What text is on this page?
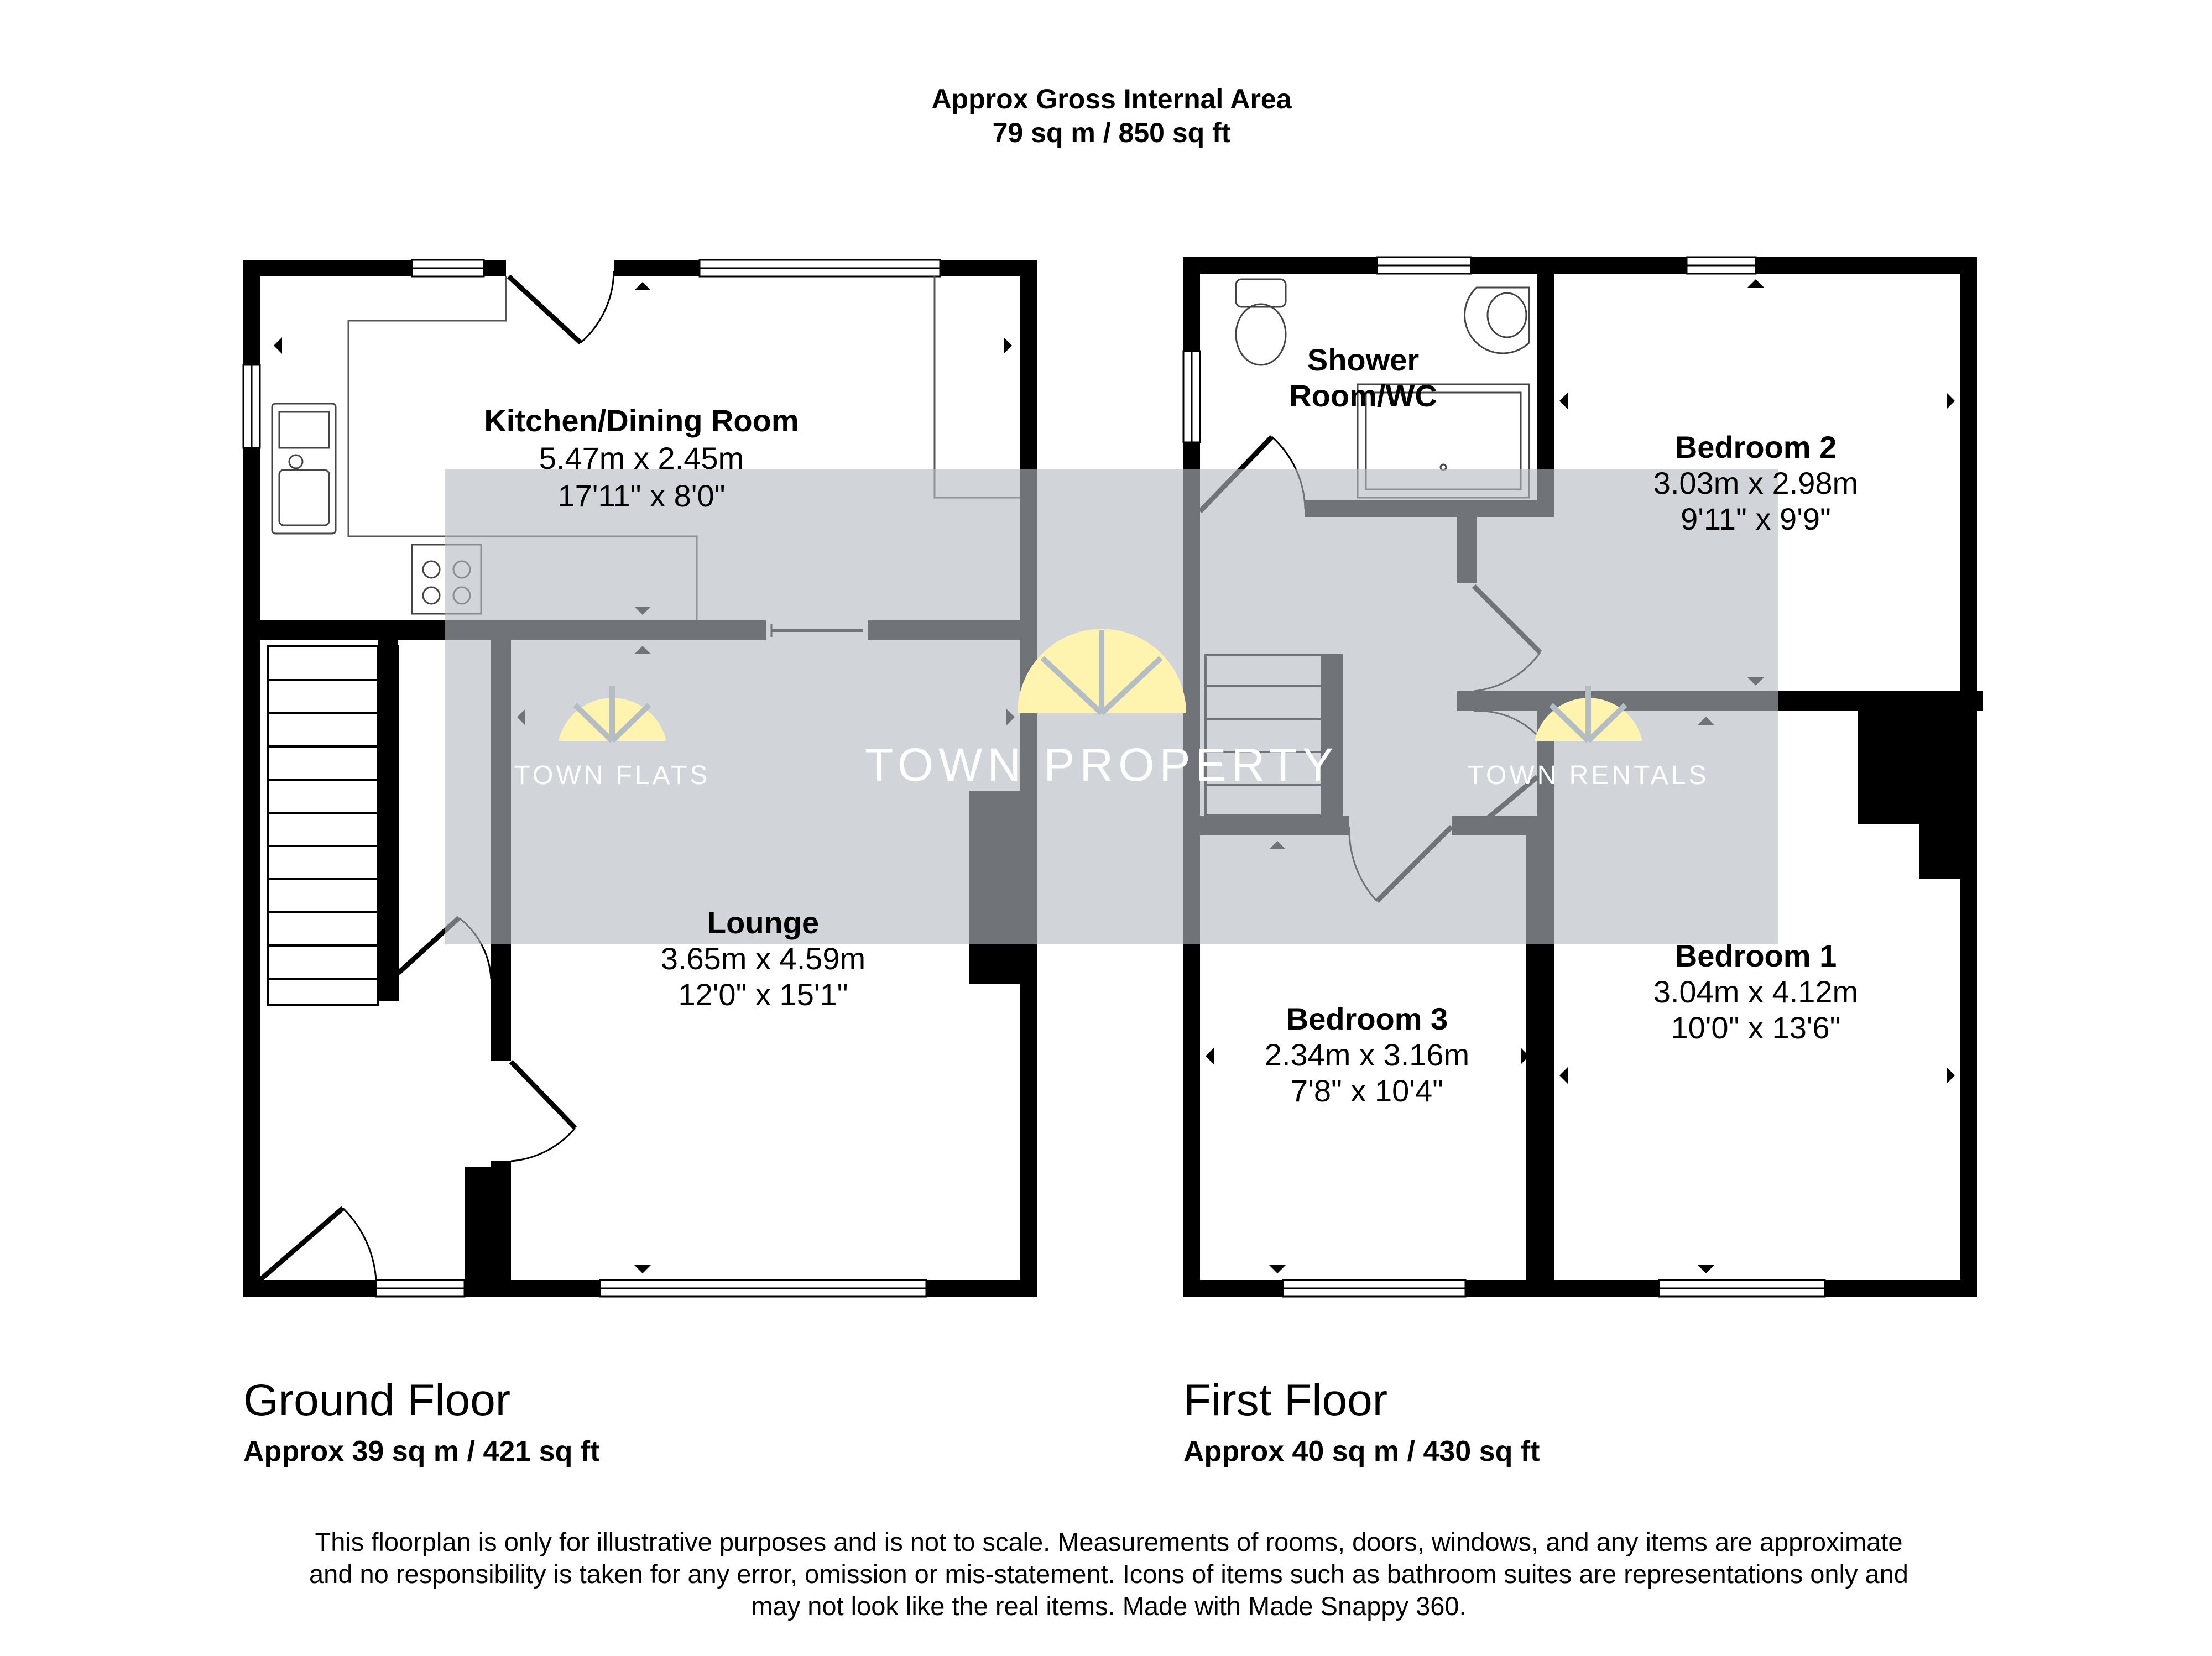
Approx Gross Internal Area
79 sq m / 850 sq ft
TOWN PROPERTY
TOWN FLATS	TOWN RENTALS
Kitchen/Dining Room
5.47m x 2.45m
17'11" x 8'0"
Lounge
3.65m x 4.59m
12'0" x 15'1"
Shower
Room/WC
Bedroom 2
3.03m x 2.98m
9'11" x 9'9"
Bedroom 1
3.04m x 4.12m
10'0" x 13'6"
Bedroom 3
2.34m x 3.16m
7'8" x 10'4"
Ground Floor
Approx 39 sq m / 421 sq ft
First Floor
Approx 40 sq m / 430 sq ft
This floorplan is only for illustrative purposes and is not to scale. Measurements of rooms, doors, windows, and any items are approximate
and no responsibility is taken for any error, omission or mis-statement. Icons of items such as bathroom suites are representations only and
may not look like the real items. Made with Made Snappy 360.
